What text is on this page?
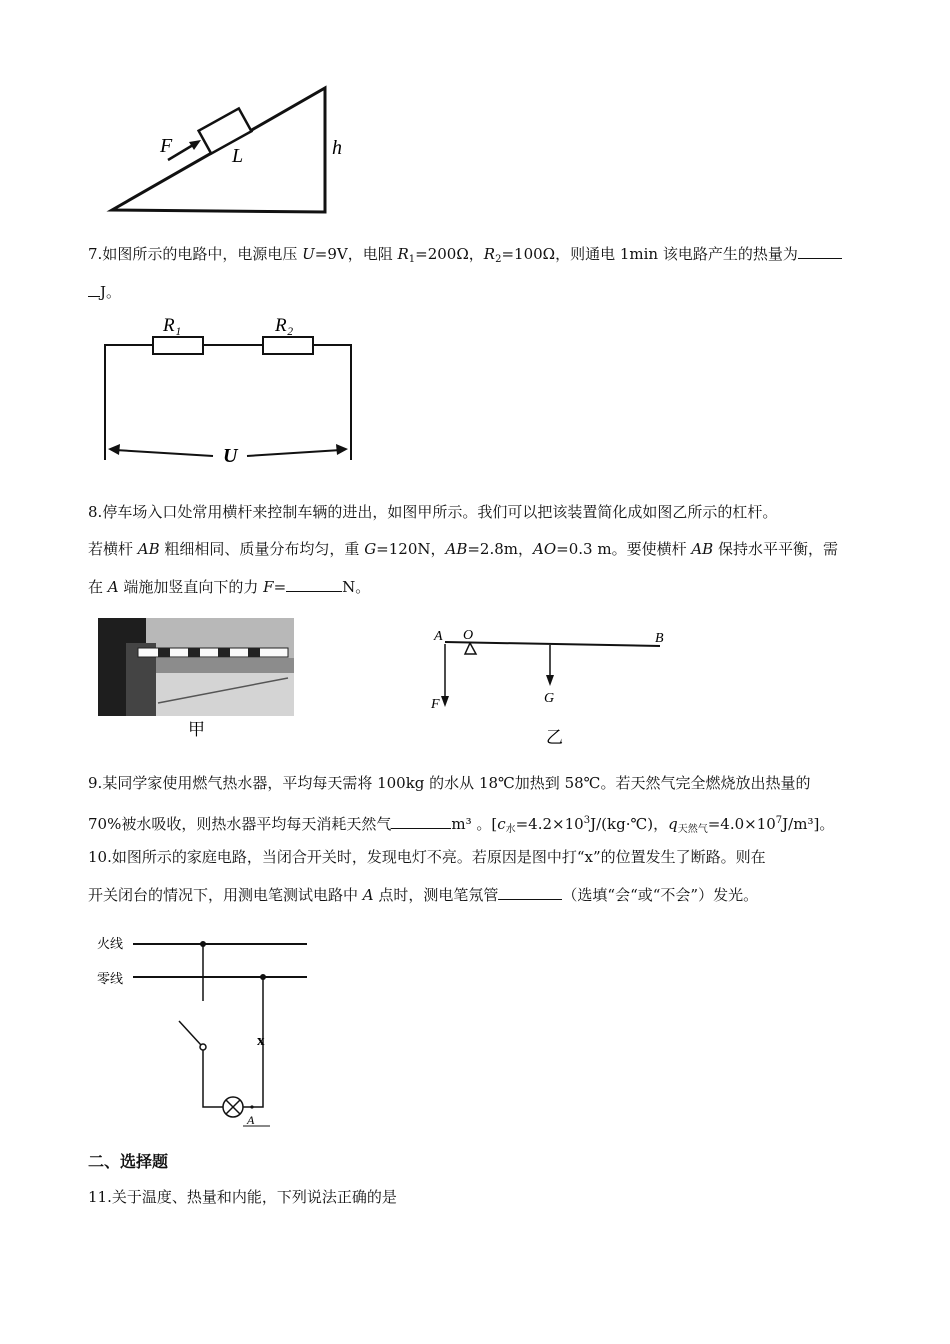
F	L	h
7.如图所示的电路中，电源电压 U=9V，电阻 $R_1=200\Omega$，$R_2=100\Omega$，则通电 1min 该电路产生的热量为
J。
R₁	R₂
U
8.停车场入口处常用横杆来控制车辆的进出，如图甲所示。我们可以把该装置简化成如图乙所示的杠杆。
若横杆 AB 粗细相同、质量分布均匀，重 G=120N，AB=2.8m，AO=0.3 m。要使横杆 AB 保持水平平衡，需
在 A 端施加竖直向下的力 F=	N。
甲
A O	B
G
F
乙
9.某同学家使用燃气热水器，平均每天需将 100kg 的水从 18℃加热到 58℃。若天然气完全燃烧放出热量的
70%被水吸收，则热水器平均每天消耗天然气	m³ 。[$c_水=4.2\times 10^3J/(kg\cdot℃)$，$q_{天然气}=4.0\times 10^7J/m^3$]。
10.如图所示的家庭电路，当闭合开关时，发现电灯不亮。若原因是图中打“x”的位置发生了断路。则在
开关闭台的情况下，用测电笔测试电路中 A 点时，测电笔氖管	（选填“会“或“不会”）发光。
火线
零线
x
A
二、选择题
11.关于温度、热量和内能，下列说法正确的是
